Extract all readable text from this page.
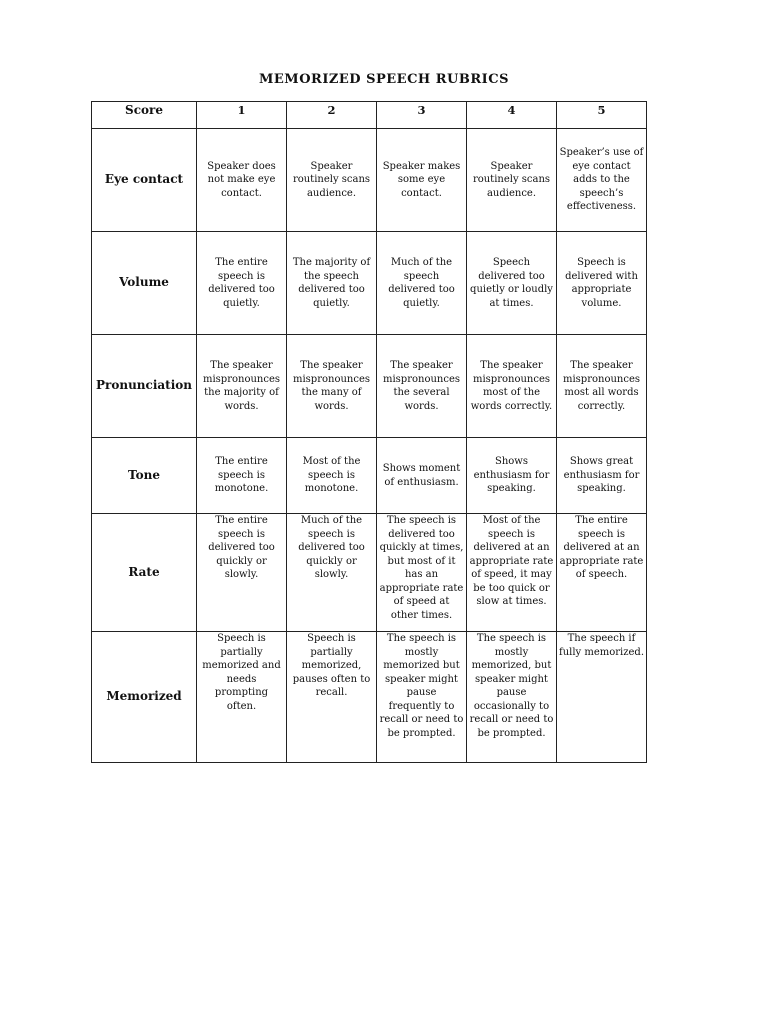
MEMORIZED SPEECH RUBRICS
Score	1	2	3	4	5
Eye contact	Speaker does not make eye contact.	Speaker routinely scans audience.	Speaker makes some eye contact.	Speaker routinely scans audience.	Speaker’s use of eye contact adds to the speech’s effectiveness.
Volume	The entire speech is delivered too quietly.	The majority of the speech delivered too quietly.	Much of the speech delivered too quietly.	Speech delivered too quietly or loudly at times.	Speech is delivered with appropriate volume.
Pronunciation	The speaker mispronounces the majority of words.	The speaker mispronounces the many of words.	The speaker mispronounces the several words.	The speaker mispronounces most of the words correctly.	The speaker mispronounces most all words correctly.
Tone	The entire speech is monotone.	Most of the speech is monotone.	Shows moment of enthusiasm.	Shows enthusiasm for speaking.	Shows great enthusiasm for speaking.
Rate	The entire speech is delivered too quickly or slowly.	Much of the speech is delivered too quickly or slowly.	The speech is delivered too quickly at times, but most of it has an appropriate rate of speed at other times.	Most of the speech is delivered at an appropriate rate of speed, it may be too quick or slow at times.	The entire speech is delivered at an appropriate rate of speech.
Memorized	Speech is partially memorized and needs prompting often.	Speech is partially memorized, pauses often to recall.	The speech is mostly memorized but speaker might pause frequently to recall or need to be prompted.	The speech is mostly memorized, but speaker might pause occasionally to recall or need to be prompted.	The speech if fully memorized.
